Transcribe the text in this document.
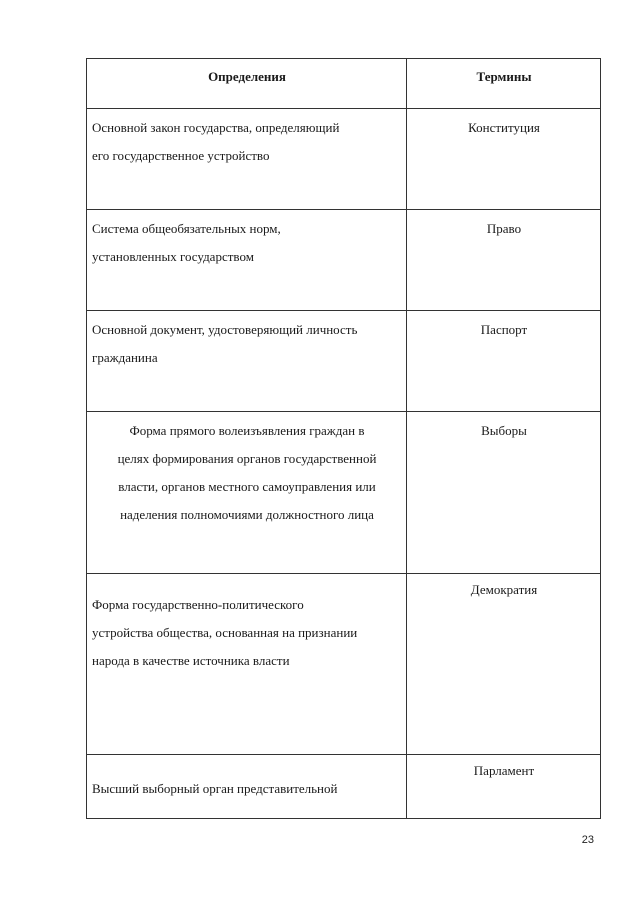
Определения	Термины

Основной закон государства, определяющий
его государственное устройство	Конституция

Система общеобязательных норм,
установленных государством	Право

Основной документ, удостоверяющий личность
гражданина	Паспорт

Форма прямого волеизъявления граждан в
целях формирования органов государственной
власти, органов местного самоуправления или
наделения полномочиями должностного лица	Выборы

Форма государственно-политического
устройства общества, основанная на признании
народа в качестве источника власти	Демократия

Высший выборный орган представительной	Парламент
23
